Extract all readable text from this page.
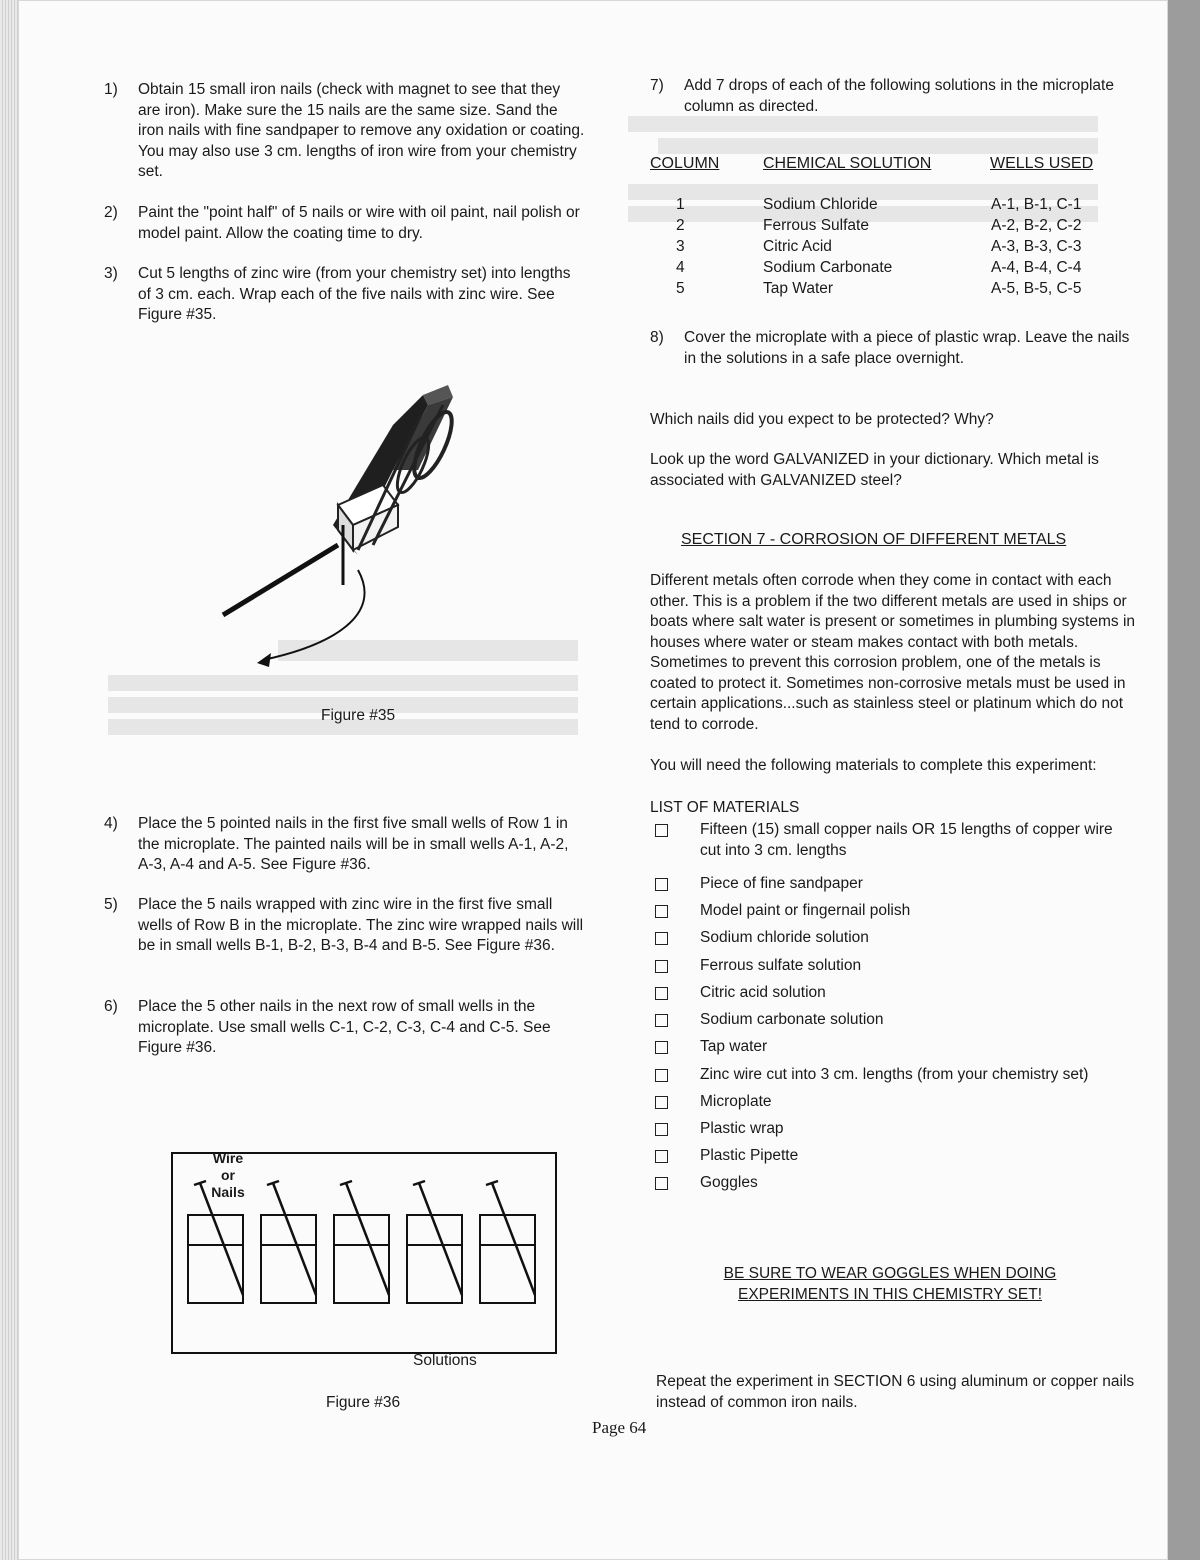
1) Obtain 15 small iron nails (check with magnet to see that they are iron). Make sure the 15 nails are the same size. Sand the iron nails with fine sandpaper to remove any oxidation or coating. You may also use 3 cm. lengths of iron wire from your chemistry set.
2) Paint the "point half" of 5 nails or wire with oil paint, nail polish or model paint. Allow the coating time to dry.
3) Cut 5 lengths of zinc wire (from your chemistry set) into lengths of 3 cm. each. Wrap each of the five nails with zinc wire. See Figure #35.
Figure #35
4) Place the 5 pointed nails in the first five small wells of Row 1 in the microplate. The painted nails will be in small wells A-1, A-2, A-3, A-4 and A-5. See Figure #36.
5) Place the 5 nails wrapped with zinc wire in the first five small wells of Row B in the microplate. The zinc wire wrapped nails will be in small wells B-1, B-2, B-3, B-4 and B-5. See Figure #36.
6) Place the 5 other nails in the next row of small wells in the microplate. Use small wells C-1, C-2, C-3, C-4 and C-5. See Figure #36.
Wire
or
Nails
Solutions
Figure #36
7) Add 7 drops of each of the following solutions in the microplate column as directed.
COLUMN	CHEMICAL SOLUTION	WELLS USED
1	Sodium Chloride	A-1, B-1, C-1
2	Ferrous Sulfate	A-2, B-2, C-2
3	Citric Acid	A-3, B-3, C-3
4	Sodium Carbonate	A-4, B-4, C-4
5	Tap Water	A-5, B-5, C-5
8) Cover the microplate with a piece of plastic wrap. Leave the nails in the solutions in a safe place overnight.
Which nails did you expect to be protected? Why?
Look up the word GALVANIZED in your dictionary. Which metal is associated with GALVANIZED steel?
SECTION 7 - CORROSION OF DIFFERENT METALS
Different metals often corrode when they come in contact with each other. This is a problem if the two different metals are used in ships or boats where salt water is present or sometimes in plumbing systems in houses where water or steam makes contact with both metals. Sometimes to prevent this corrosion problem, one of the metals is coated to protect it. Sometimes non-corrosive metals must be used in certain applications...such as stainless steel or platinum which do not tend to corrode.
You will need the following materials to complete this experiment:
LIST OF MATERIALS
Fifteen (15) small copper nails OR 15 lengths of copper wire cut into 3 cm. lengths
Piece of fine sandpaper
Model paint or fingernail polish
Sodium chloride solution
Ferrous sulfate solution
Citric acid solution
Sodium carbonate solution
Tap water
Zinc wire cut into 3 cm. lengths (from your chemistry set)
Microplate
Plastic wrap
Plastic Pipette
Goggles
BE SURE TO WEAR GOGGLES WHEN DOING EXPERIMENTS IN THIS CHEMISTRY SET!
Repeat the experiment in SECTION 6 using aluminum or copper nails instead of common iron nails.
Page 64
